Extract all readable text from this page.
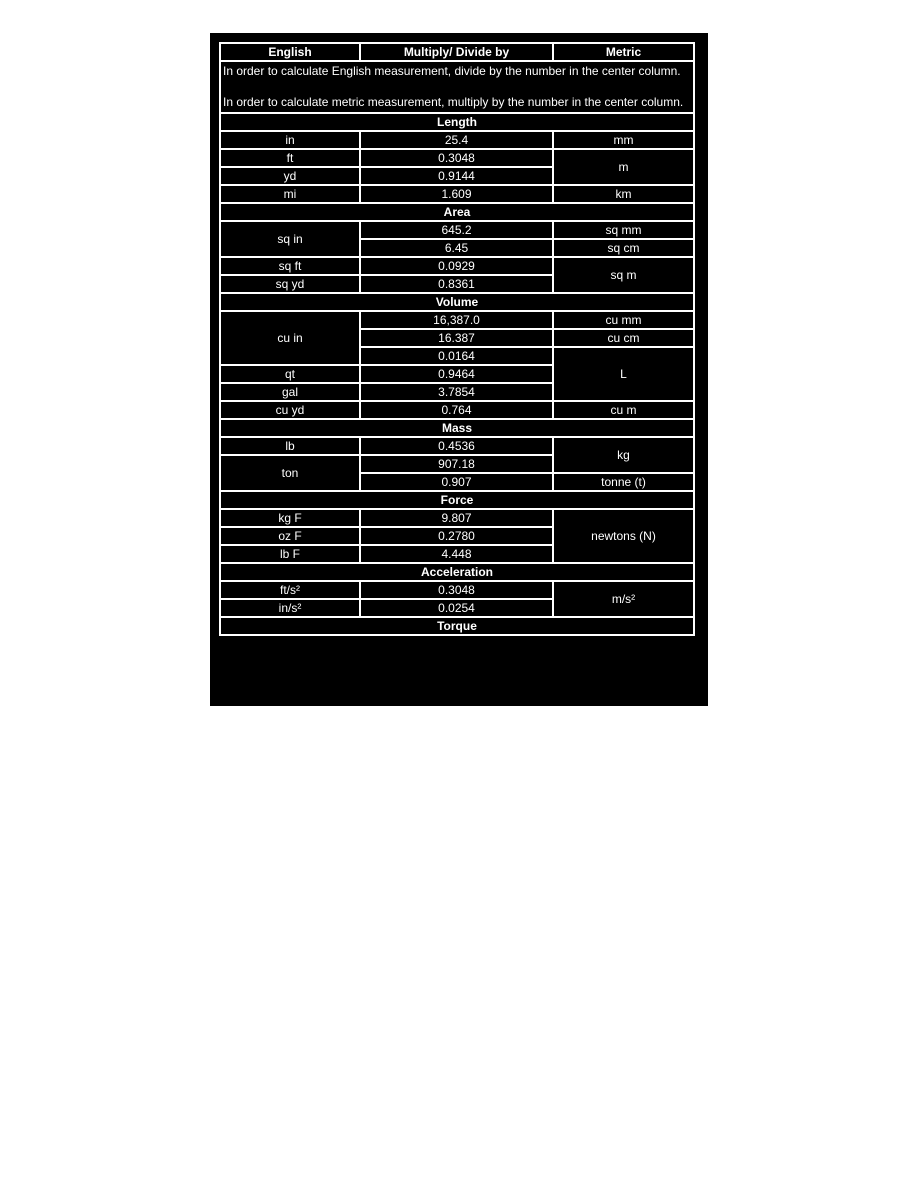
English	Multiply/ Divide by	Metric
In order to calculate English measurement, divide by the number in the center column.
In order to calculate metric measurement, multiply by the number in the center column.		

Length		
in	25.4	mm
ft	0.3048	m
yd	0.9144	
mi	1.609	km
Area		
sq in	645.2	sq mm
	6.45	sq cm
sq ft	0.0929	sq m
sq yd	0.8361	
Volume		
cu in	16,387.0	cu mm
	16.387	cu cm
	0.0164	L
qt	0.9464	
gal	3.7854	
cu yd	0.764	cu m
Mass		
lb	0.4536	kg
ton	907.18	
	0.907	tonne (t)
Force		
kg F	9.807	newtons (N)
oz F	0.2780	
lb F	4.448	
Acceleration		
ft/s²	0.3048	m/s²
in/s²	0.0254	
Torque		
